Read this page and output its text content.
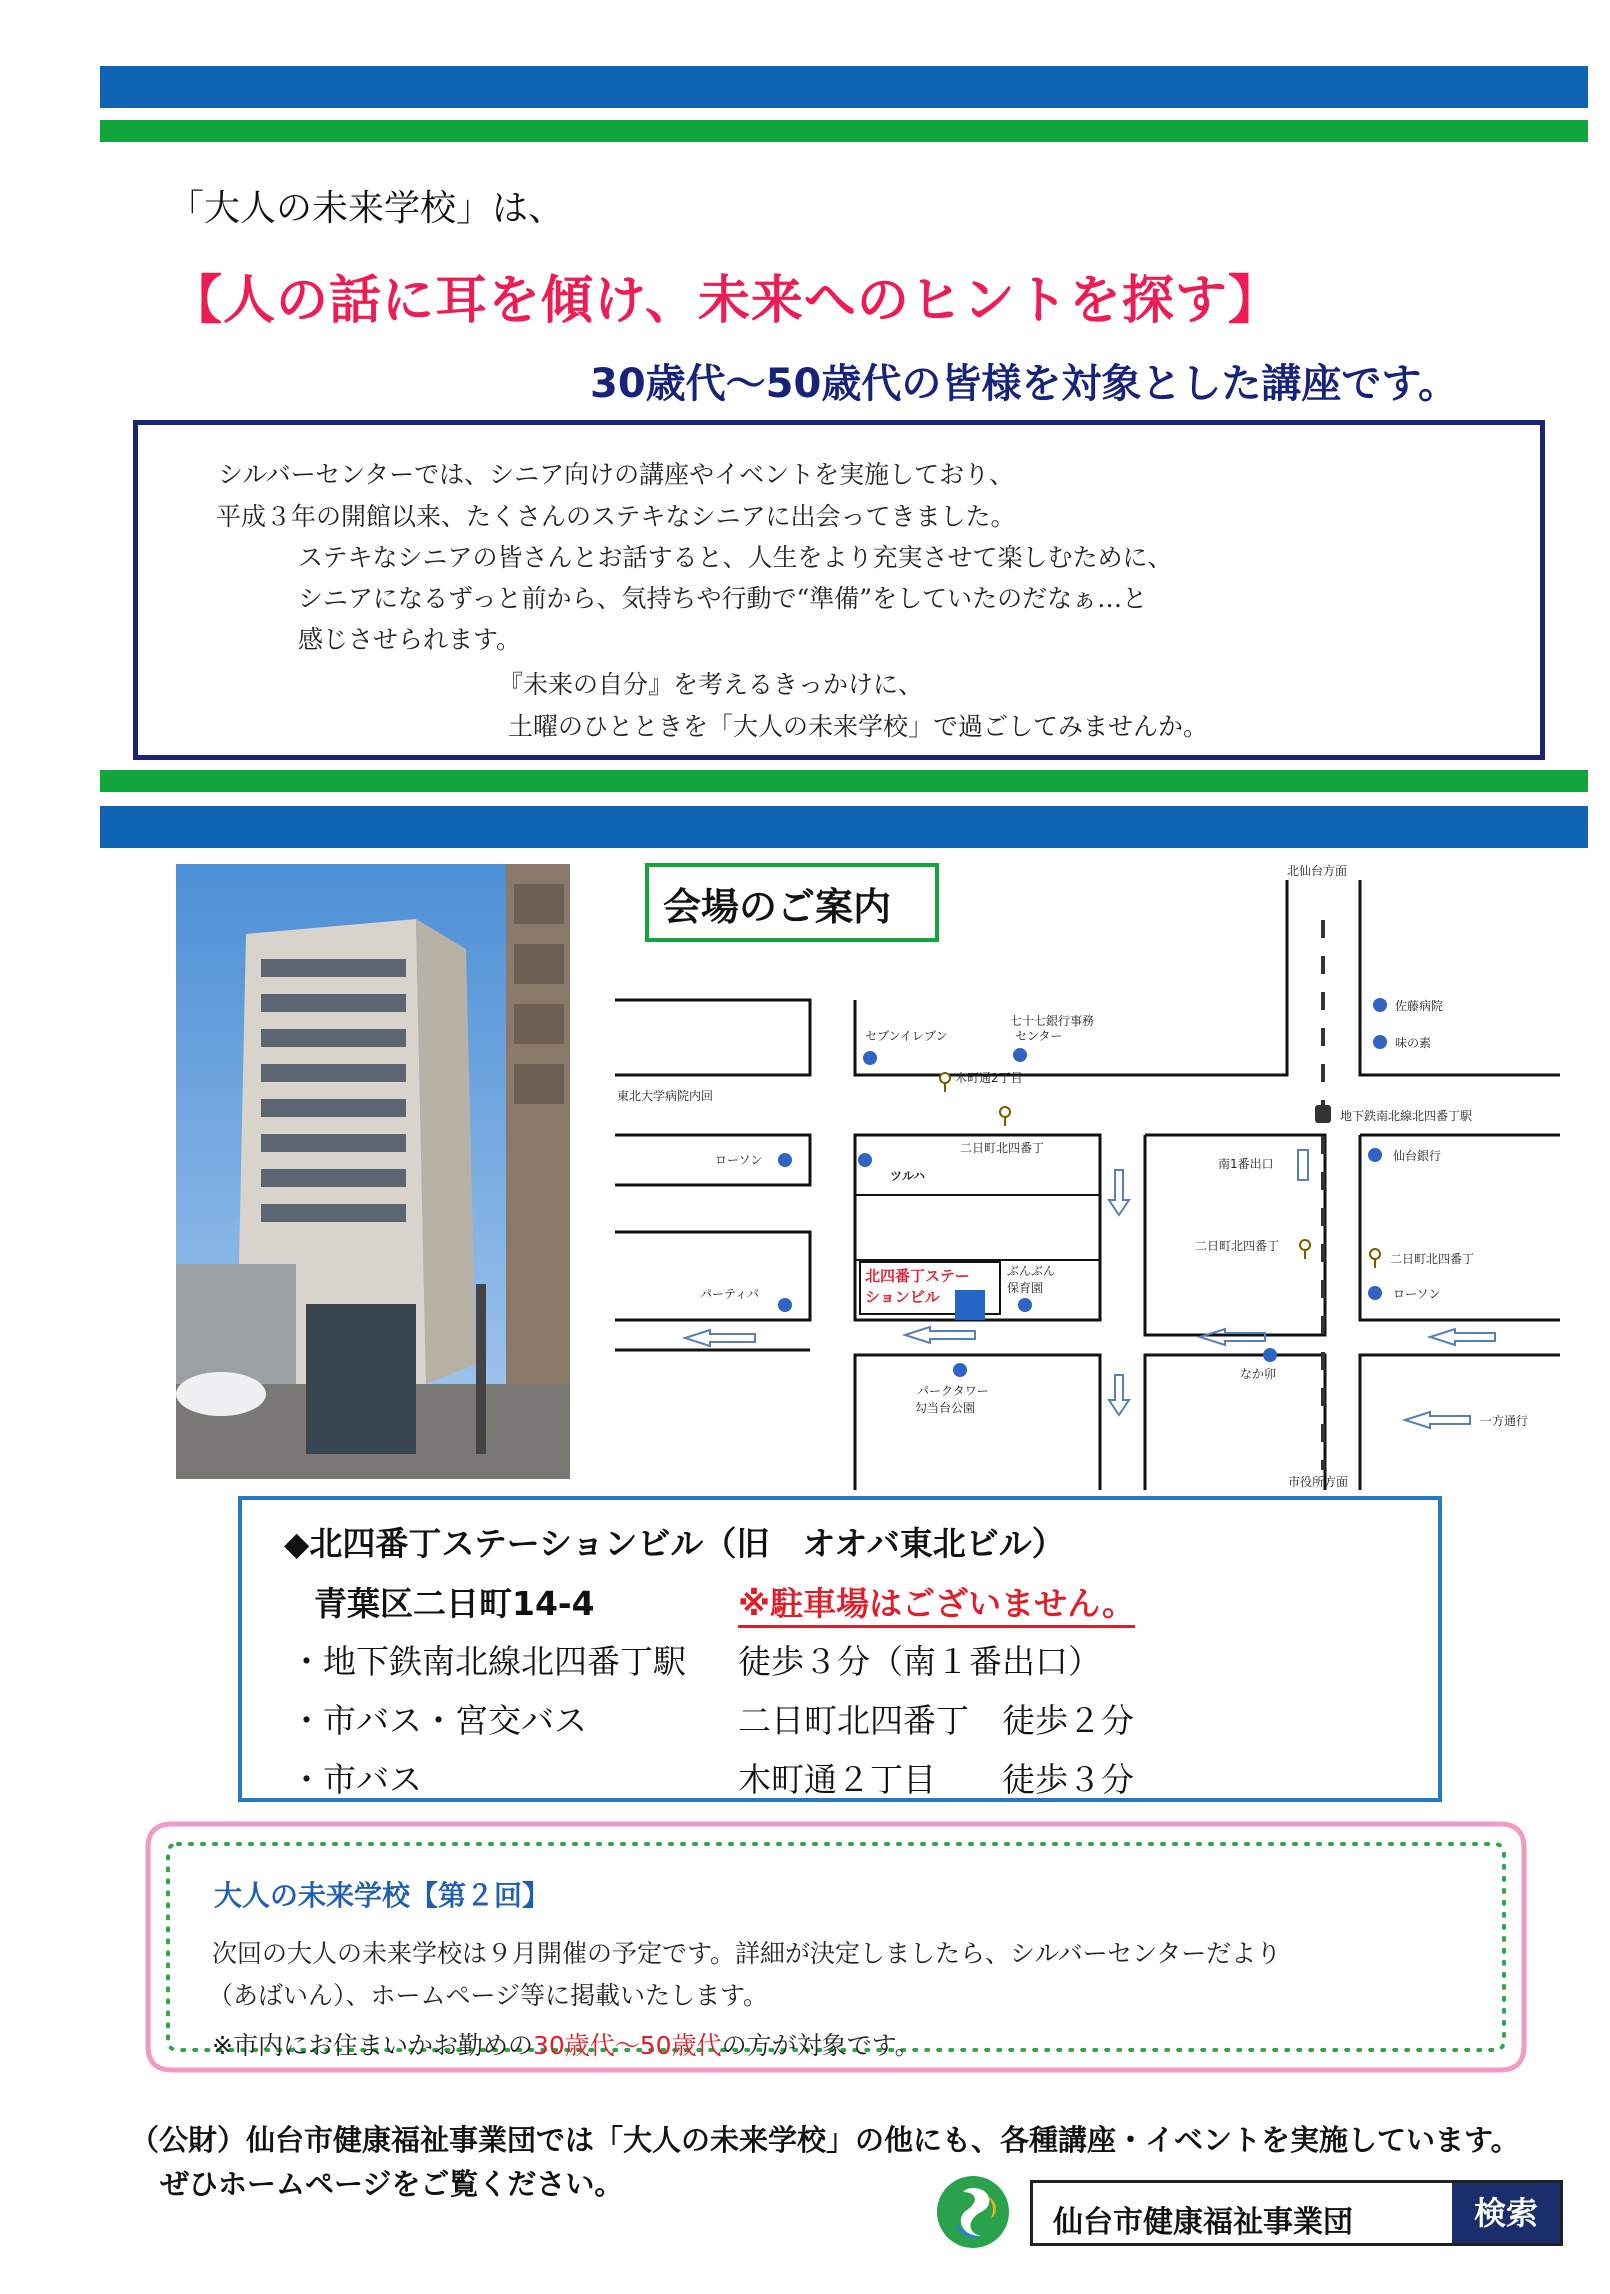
「大人の未来学校」は、
【人の話に耳を傾け、未来へのヒントを探す】
30歳代～50歳代の皆様を対象とした講座です。
シルバーセンターでは、シニア向けの講座やイベントを実施しており、
平成３年の開館以来、たくさんのステキなシニアに出会ってきました。
ステキなシニアの皆さんとお話すると、人生をより充実させて楽しむために、
シニアになるずっと前から、気持ちや行動で“準備”をしていたのだなぁ…と
感じさせられます。
『未来の自分』を考えるきっかけに、
土曜のひとときを「大人の未来学校」で過ごしてみませんか。
会場のご案内
北四番丁ステー
ションビル
北仙台方面
市役所方面
セブンイレブン
七十七銀行事務
センター
木町通2丁目
東北大学病院内回
ローソン
ツルハ
二日町北四番丁
ぶんぶん
保育園
パーティパ
パークタワー
勾当台公園
なか卯
南1番出口
二日町北四番丁
地下鉄南北線北四番丁駅
仙台銀行
二日町北四番丁
ローソン
佐藤病院
味の素
一方通行
◆北四番丁ステーションビル（旧　オオバ東北ビル）
青葉区二日町14-4	※駐車場はございません。
・地下鉄南北線北四番丁駅 徒歩３分（南１番出口）
・市バス・宮交バス	二日町北四番丁　徒歩２分
・市バス	木町通２丁目　　徒歩３分
大人の未来学校【第２回】
次回の大人の未来学校は９月開催の予定です。詳細が決定しましたら、シルバーセンターだより
（あばいん）、ホームページ等に掲載いたします。
※市内にお住まいかお勤めの30歳代～50歳代の方が対象です。
（公財）仙台市健康福祉事業団では「大人の未来学校」の他にも、各種講座・イベントを実施しています。
ぜひホームページをご覧ください。
仙台市健康福祉事業団	検索
